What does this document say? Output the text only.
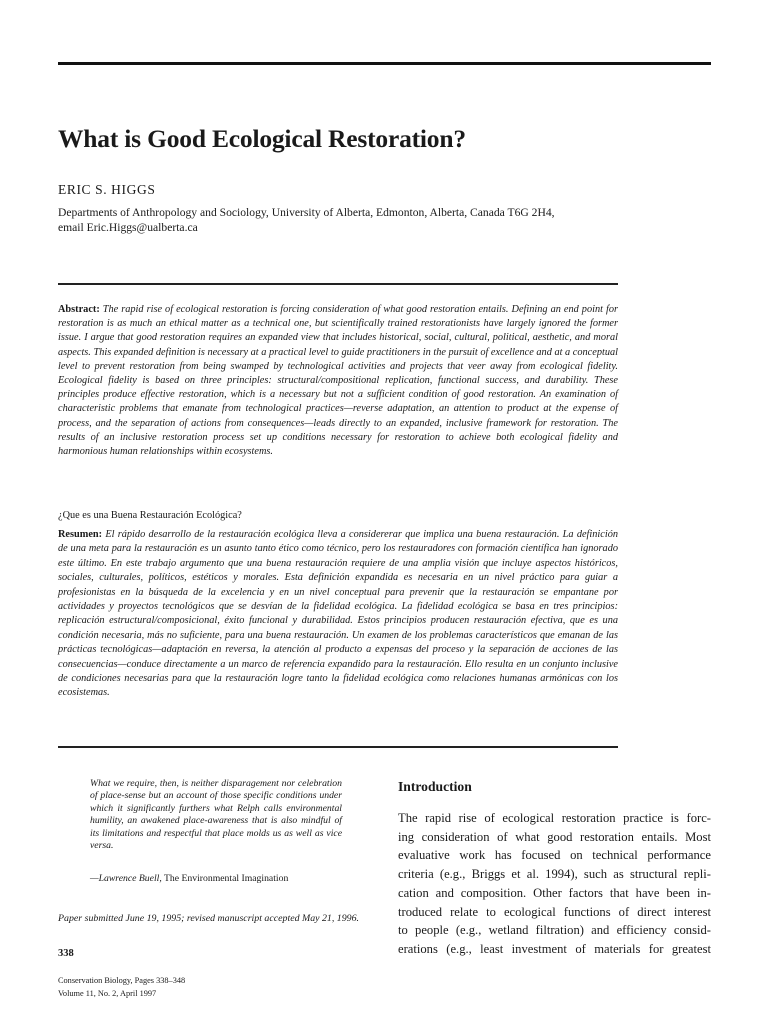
What is Good Ecological Restoration?
ERIC S. HIGGS
Departments of Anthropology and Sociology, University of Alberta, Edmonton, Alberta, Canada T6G 2H4,
email Eric.Higgs@ualberta.ca

Abstract: The rapid rise of ecological restoration is forcing consideration of what good restoration entails. Defining an end point for restoration is as much an ethical matter as a technical one, but scientifically trained restorationists have largely ignored the former issue. I argue that good restoration requires an expanded view that includes historical, social, cultural, political, aesthetic, and moral aspects. This expanded definition is necessary at a practical level to guide practitioners in the pursuit of excellence and at a conceptual level to prevent restoration from being swamped by technological activities and projects that veer away from ecological fidelity. Ecological fidelity is based on three principles: structural/compositional replication, functional success, and durability. These principles produce effective restoration, which is a necessary but not a sufficient condition of good restoration. An examination of characteristic problems that emanate from technological practices—reverse adaptation, an attention to product at the expense of process, and the separation of actions from consequences—leads directly to an expanded, inclusive framework for restoration. The results of an inclusive restoration process set up conditions necessary for restoration to achieve both ecological fidelity and harmonious human relationships within ecosystems.

¿Que es una Buena Restauración Ecológica?

Resumen: El rápido desarrollo de la restauración ecológica lleva a considererar que implica una buena restauración. La definición de una meta para la restauración es un asunto tanto ético como técnico, pero los restauradores con formación científica han ignorado este último. En este trabajo argumento que una buena restauración requiere de una amplia visión que incluye aspectos históricos, sociales, culturales, políticos, estéticos y morales. Esta definición expandida es necesaria en un nivel práctico para guiar a profesionistas en la búsqueda de la excelencia y en un nivel conceptual para prevenir que la restauración se empantane por actividades y proyectos tecnológicos que se desvían de la fidelidad ecológica. La fidelidad ecológica se basa en tres principios: replicación estructural/composicional, éxito funcional y durabilidad. Estos principios producen restauración efectiva, que es una condición necesaria, más no suficiente, para una buena restauración. Un examen de los problemas característicos que emanan de las prácticas tecnológicas—adaptación en reversa, la atención al producto a expensas del proceso y la separación de acciones de las consecuencias—conduce directamente a un marco de referencia expandido para la restauración. Ello resulta en un conjunto inclusive de condiciones necesarias para que la restauración logre tanto la fidelidad ecológica como relaciones humanas armónicas con los ecosistemas.

What we require, then, is neither disparagement nor celebration of place-sense but an account of those specific conditions under which it significantly furthers what Relph calls environmental humility, an awakened place-awareness that is also mindful of its limitations and respectful that place molds us as well as vice versa.

—Lawrence Buell, The Environmental Imagination

Paper submitted June 19, 1995; revised manuscript accepted May 21, 1996.

338
Conservation Biology, Pages 338–348
Volume 11, No. 2, April 1997
Introduction
The rapid rise of ecological restoration practice is forc-
ing consideration of what good restoration entails. Most
evaluative work has focused on technical performance
criteria (e.g., Briggs et al. 1994), such as structural repli-
cation and composition. Other factors that have been in-
troduced relate to ecological functions of direct interest
to people (e.g., wetland filtration) and efficiency consid-
erations (e.g., least investment of materials for greatest
